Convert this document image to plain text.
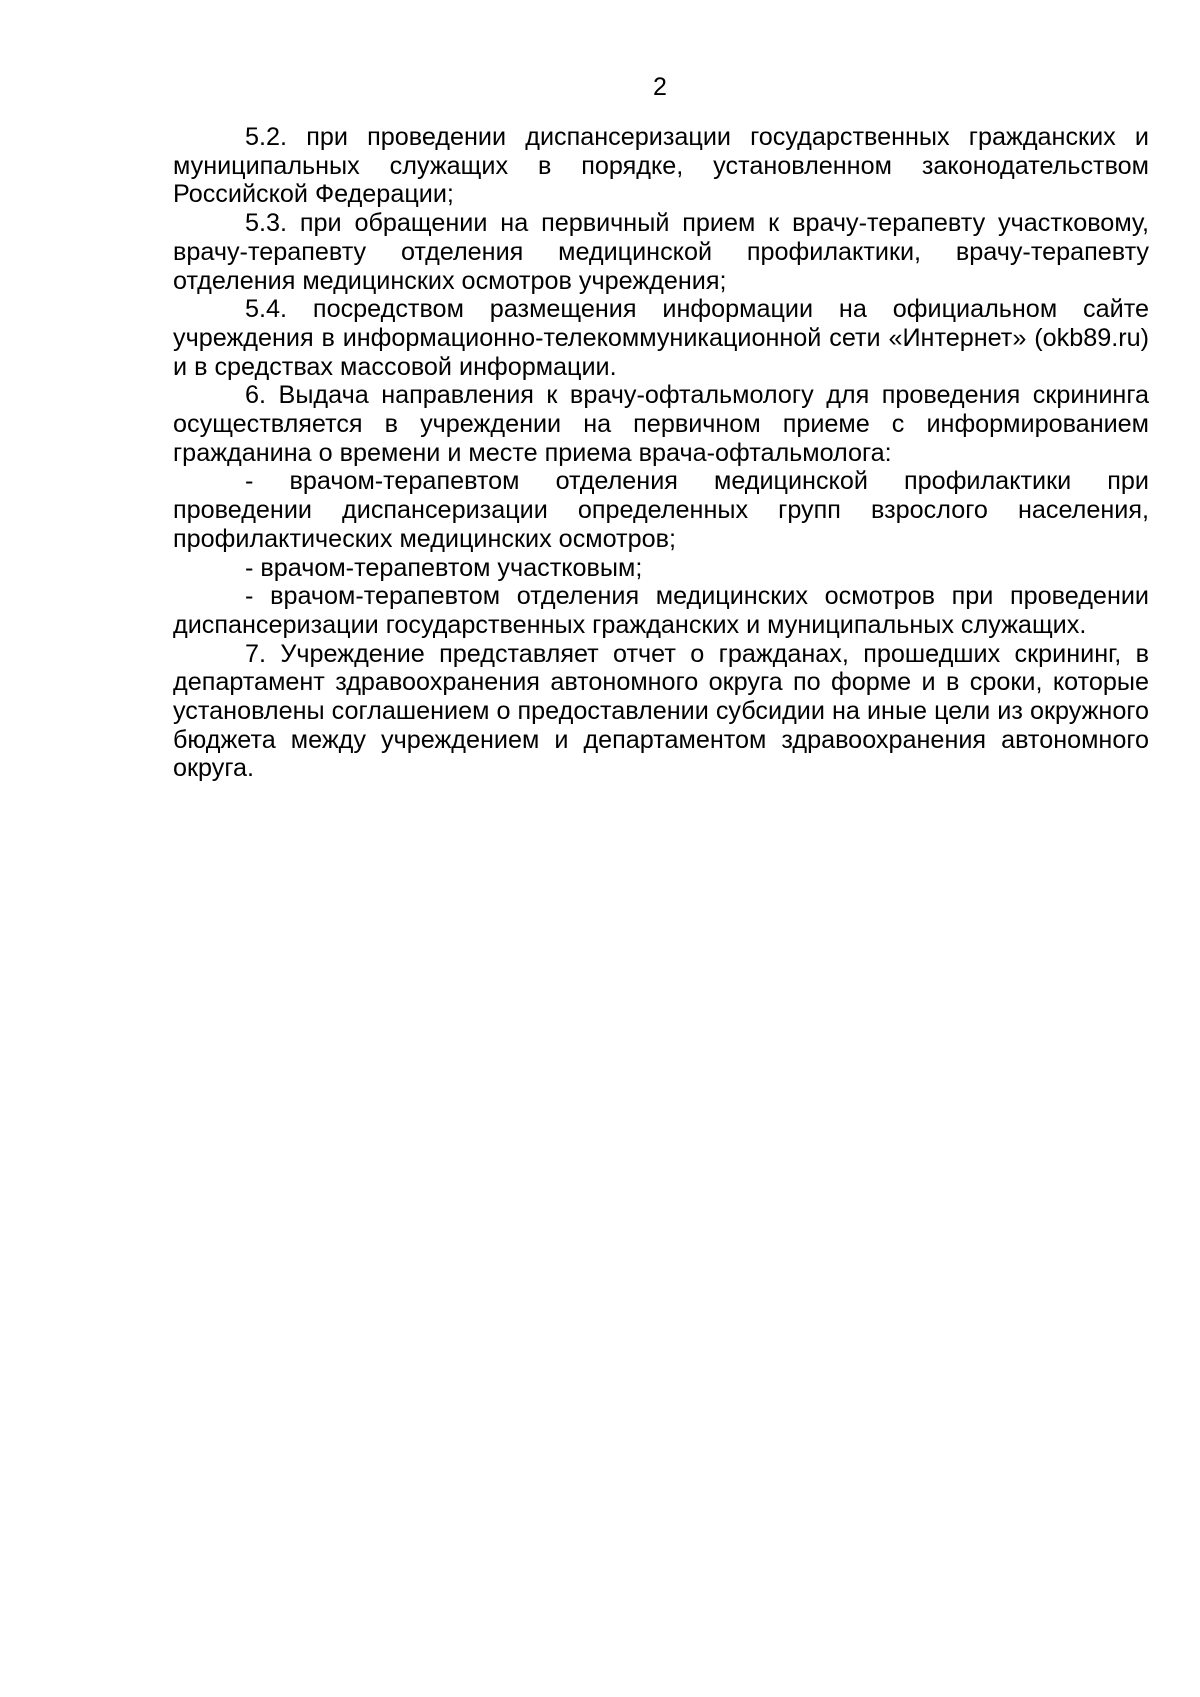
2

5.2. при проведении диспансеризации государственных гражданских и муниципальных служащих в порядке, установленном законодательством Российской Федерации;

5.3. при обращении на первичный прием к врачу-терапевту участковому, врачу-терапевту отделения медицинской профилактики, врачу-терапевту отделения медицинских осмотров учреждения;

5.4. посредством размещения информации на официальном сайте учреждения в информационно-телекоммуникационной сети «Интернет» (okb89.ru) и в средствах массовой информации.

6. Выдача направления к врачу-офтальмологу для проведения скрининга осуществляется в учреждении на первичном приеме с информированием гражданина о времени и месте приема врача-офтальмолога:

- врачом-терапевтом отделения медицинской профилактики при проведении диспансеризации определенных групп взрослого населения, профилактических медицинских осмотров;

- врачом-терапевтом участковым;

- врачом-терапевтом отделения медицинских осмотров при проведении диспансеризации государственных гражданских и муниципальных служащих.

7. Учреждение представляет отчет о гражданах, прошедших скрининг, в департамент здравоохранения автономного округа по форме и в сроки, которые установлены соглашением о предоставлении субсидии на иные цели из окружного бюджета между учреждением и департаментом здравоохранения автономного округа.
